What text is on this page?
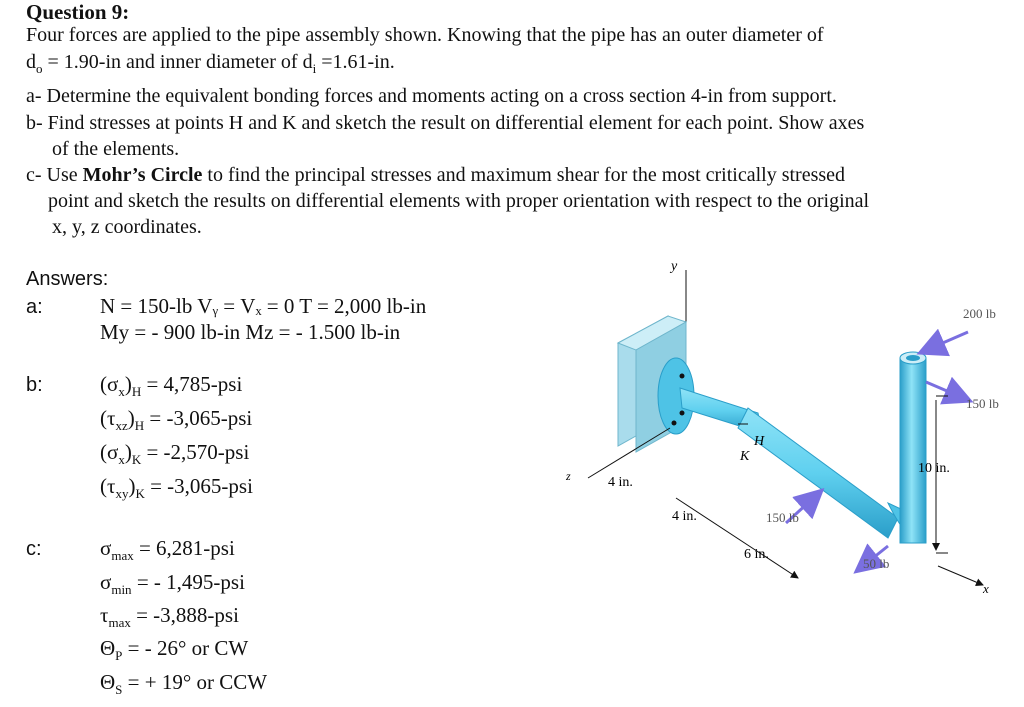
Question 9:
Four forces are applied to the pipe assembly shown. Knowing that the pipe has an outer diameter of
$d_o = 1.90-in$ and inner diameter of $d_i =1.61-in$.
a- Determine the equivalent bonding forces and moments acting on a cross section 4-in from support.
b- Find stresses at points H and K and sketch the result on differential element for each point. Show axes
of the elements.
c- Use Mohr’s Circle to find the principal stresses and maximum shear for the most critically stressed
point and sketch the results on differential elements with proper orientation with respect to the original
x, y, z coordinates.
Answers:
a:	N = 150-lb Vᵧ = Vₓ = 0 T = 2,000 lb-in
My = - 900 lb-in Mz = - 1.500 lb-in
b:	$(\sigma_x)_H = 4,785-psi$
$(\tau_{xz})_H = -3,065-psi$
$(\sigma_x)_K = -2,570-psi$
$(\tau_{xy})_K = -3,065-psi$
c:	$\sigma_{max} = 6,281-psi$
$\sigma_{min}$ = - 1,495-psi
$\tau_{max} = -3,888-psi$
$\Theta_P$ = - 26° or CW
$\Theta_S$ = + 19° or CCW
y
H
K
200 lb
150 lb
150 lb
50 lb
10 in.
4 in.
z
4 in.
6 in.
x
